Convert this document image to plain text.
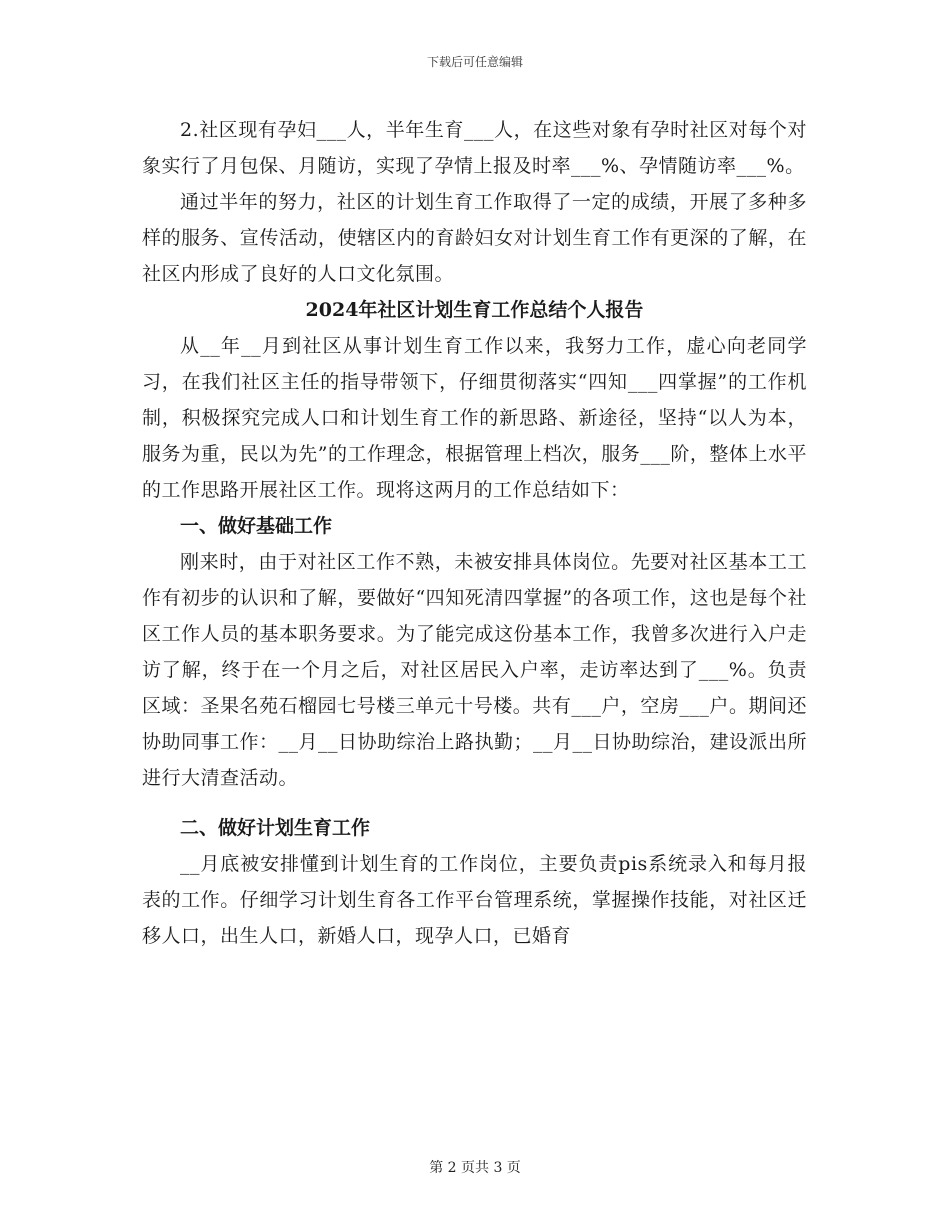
下载后可任意编辑

2.社区现有孕妇___人，半年生育___人，在这些对象有孕时社区对每个对象实行了月包保、月随访，实现了孕情上报及时率___%、孕情随访率___%。

通过半年的努力，社区的计划生育工作取得了一定的成绩，开展了多种多样的服务、宣传活动，使辖区内的育龄妇女对计划生育工作有更深的了解，在社区内形成了良好的人口文化氛围。

2024年社区计划生育工作总结个人报告

从__年__月到社区从事计划生育工作以来，我努力工作，虚心向老同学习，在我们社区主任的指导带领下，仔细贯彻落实“四知___四掌握”的工作机制，积极探究完成人口和计划生育工作的新思路、新途径，坚持“以人为本，服务为重，民以为先”的工作理念，根据管理上档次，服务___阶，整体上水平的工作思路开展社区工作。现将这两月的工作总结如下：

一、做好基础工作

刚来时，由于对社区工作不熟，未被安排具体岗位。先要对社区基本工工作有初步的认识和了解，要做好“四知死清四掌握”的各项工作，这也是每个社区工作人员的基本职务要求。为了能完成这份基本工作，我曾多次进行入户走访了解，终于在一个月之后，对社区居民入户率，走访率达到了___%。负责区域：圣果名苑石榴园七号楼三单元十号楼。共有___户，空房___户。期间还协助同事工作：__月__日协助综治上路执勤；__月__日协助综治，建设派出所进行大清查活动。

二、做好计划生育工作

__月底被安排懂到计划生育的工作岗位，主要负责pis系统录入和每月报表的工作。仔细学习计划生育各工作平台管理系统，掌握操作技能，对社区迁移人口，出生人口，新婚人口，现孕人口，已婚育

第 2 页共 3 页
